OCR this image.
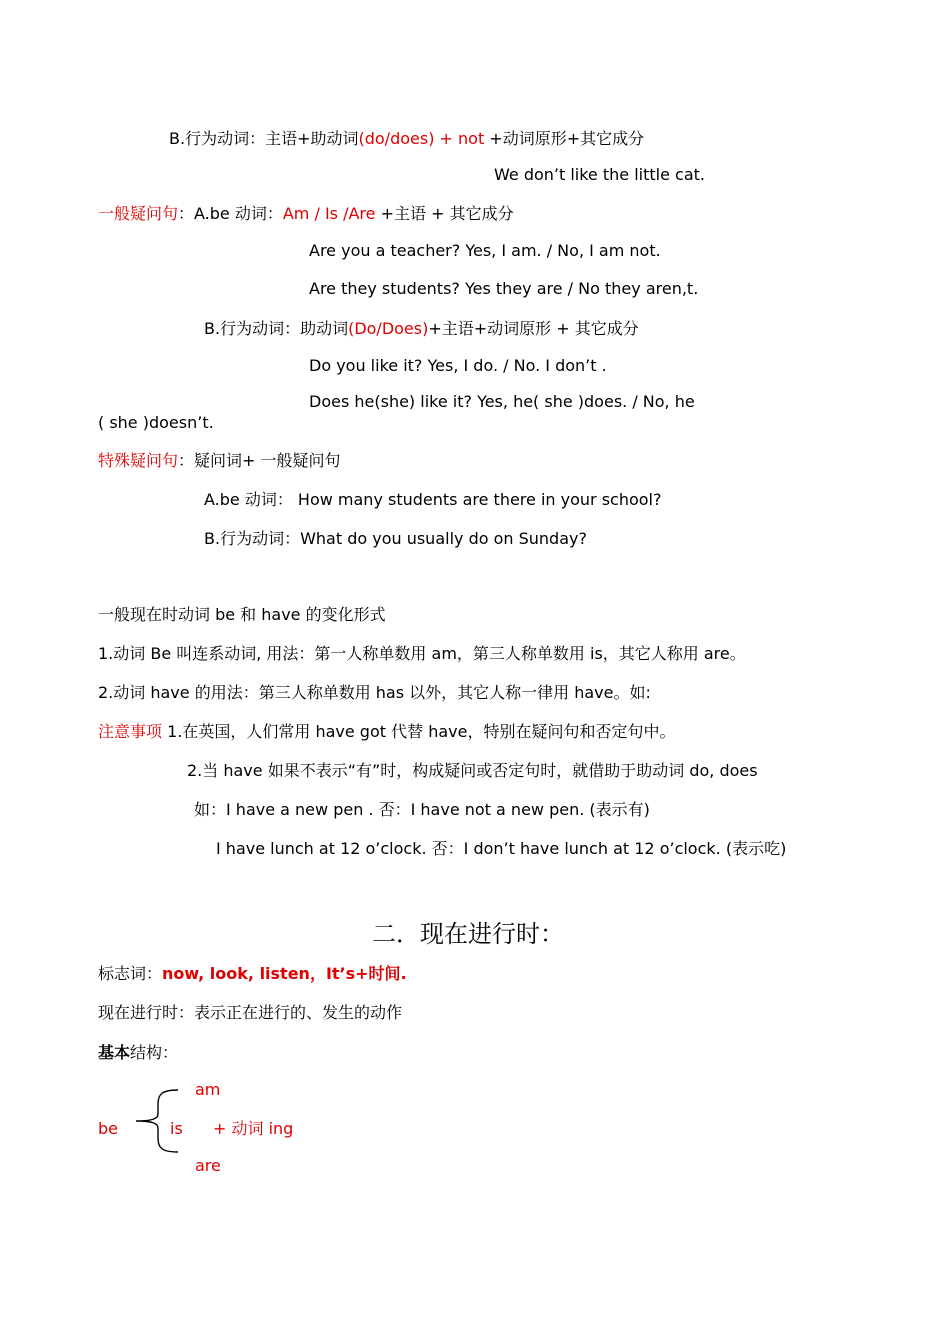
B.行为动词：主语+助动词(do/does) + not +动词原形+其它成分
We don’t like the little cat.
一般疑问句：A.be 动词：Am / Is /Are +主语 + 其它成分
Are you a teacher? Yes, I am. / No, I am not.
Are they students? Yes they are / No they aren,t.
B.行为动词：助动词(Do/Does)+主语+动词原形 + 其它成分
Do you like it? Yes, I do. / No. I don’t .
Does he(she) like it? Yes, he( she )does. / No, he
( she )doesn’t.
特殊疑问句：疑问词+ 一般疑问句
A.be 动词： How many students are there in your school?
B.行为动词：What do you usually do on Sunday?
一般现在时动词 be 和 have 的变化形式
1.动词 Be 叫连系动词, 用法：第一人称单数用 am，第三人称单数用 is，其它人称用 are。
2.动词 have 的用法：第三人称单数用 has 以外，其它人称一律用 have。如:
注意事项 1.在英国，人们常用 have got 代替 have，特别在疑问句和否定句中。
2.当 have 如果不表示“有”时，构成疑问或否定句时，就借助于助动词 do, does
如：I have a new pen . 否：I have not a new pen. (表示有)
I have lunch at 12 o’clock. 否：I don’t have lunch at 12 o’clock. (表示吃)
二．现在进行时：
标志词：now, look, listen，It’s+时间.
现在进行时：表示正在进行的、发生的动作
基本结构：
be
am
is + 动词 ing
are
